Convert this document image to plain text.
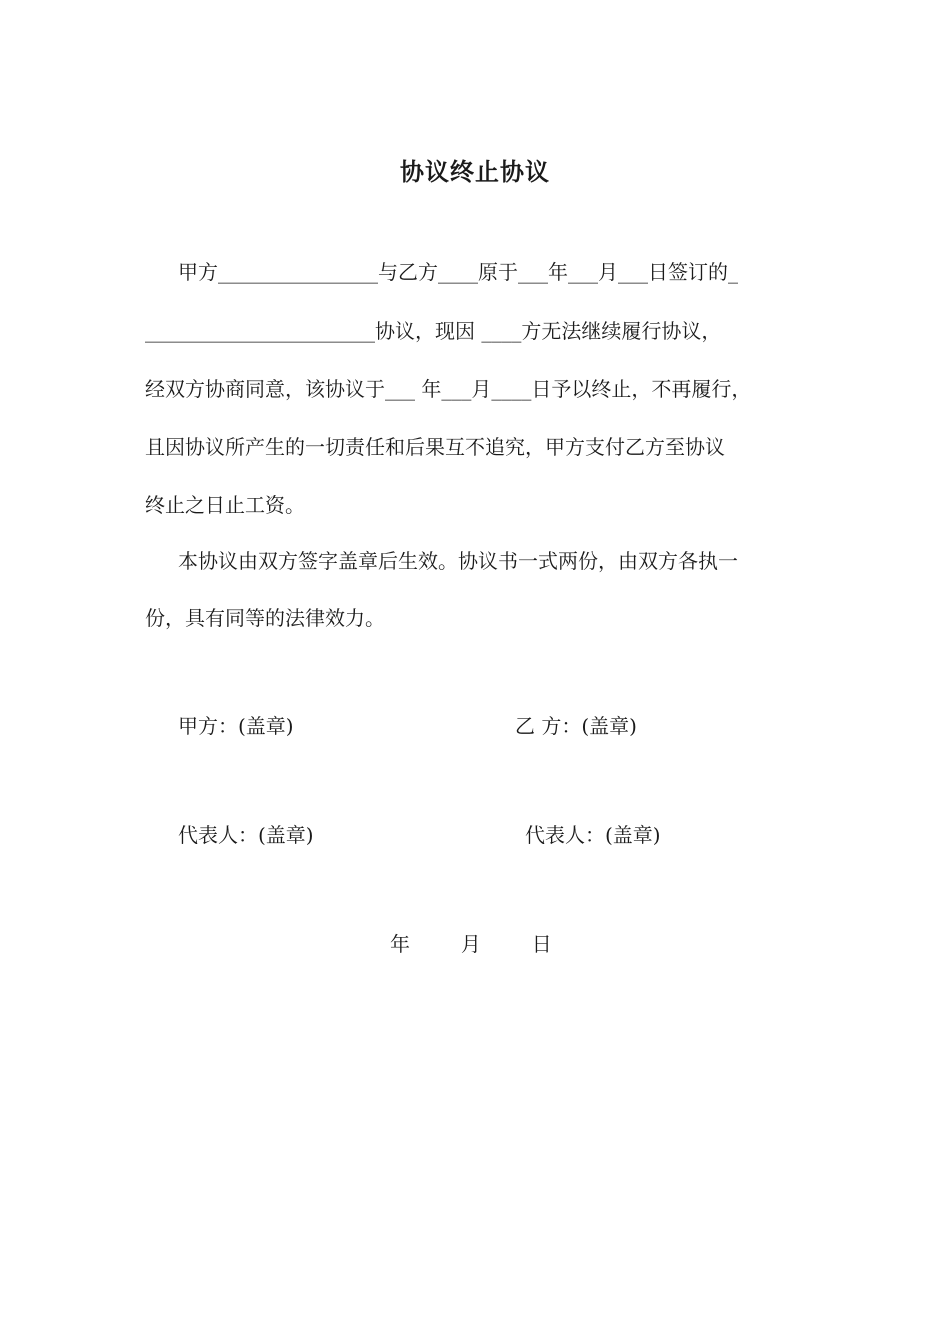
协议终止协议
甲方________________与乙方____原于___年___月___日签订的_
_______________________协议，现因 ____方无法继续履行协议，
经双方协商同意，该协议于___ 年___月____日予以终止，不再履行，
且因协议所产生的一切责任和后果互不追究，甲方支付乙方至协议
终止之日止工资。
本协议由双方签字盖章后生效。协议书一式两份，由双方各执一
份，具有同等的法律效力。
甲方：(盖章)	乙 方：(盖章)
代表人：(盖章)	代表人：(盖章)
年        月        日
